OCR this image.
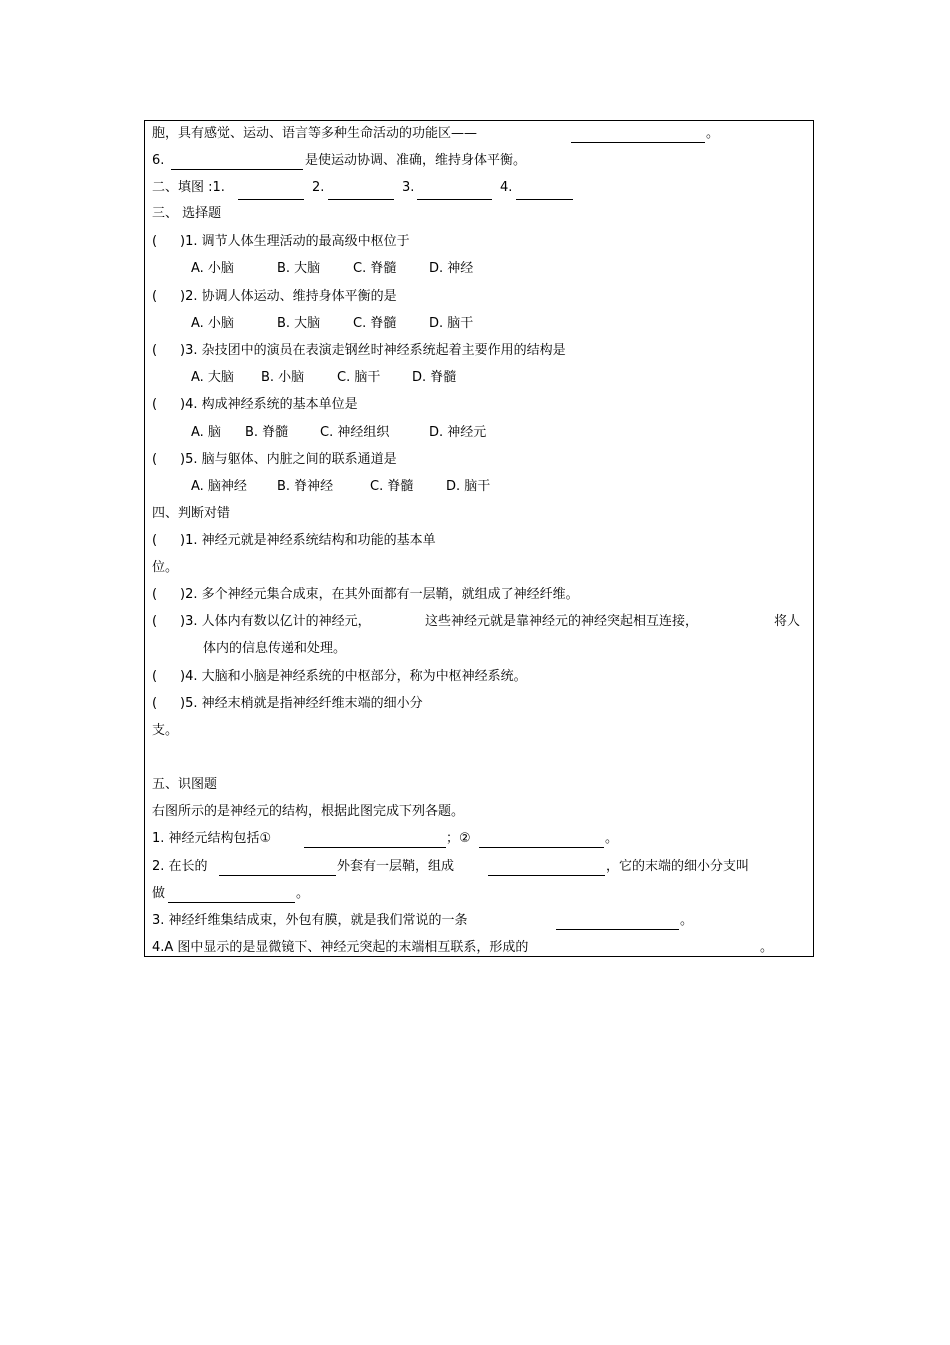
胞，具有感觉、运动、语言等多种生命活动的功能区——	。
6.	是使运动协调、准确，维持身体平衡。
二、填图 :1.	2.	3.	4.
三、 选择题
( )1. 调节人体生理活动的最高级中枢位于
A. 小脑	B. 大脑	C. 脊髓	D. 神经
( )2. 协调人体运动、维持身体平衡的是
A. 小脑	B. 大脑	C. 脊髓	D. 脑干
( )3. 杂技团中的演员在表演走钢丝时神经系统起着主要作用的结构是
A. 大脑 B. 小脑	C. 脑干 D. 脊髓
( )4. 构成神经系统的基本单位是
A. 脑 B. 脊髓 C. 神经组织	D. 神经元
( )5. 脑与躯体、内脏之间的联系通道是
A. 脑神经 B. 脊神经	C. 脊髓	D. 脑干
四、判断对错
( )1. 神经元就是神经系统结构和功能的基本单
位。
( )2. 多个神经元集合成束，在其外面都有一层鞘，就组成了神经纤维。
( )3. 人体内有数以亿计的神经元，	这些神经元就是靠神经元的神经突起相互连接，	将人
体内的信息传递和处理。
( )4. 大脑和小脑是神经系统的中枢部分，称为中枢神经系统。
( )5. 神经末梢就是指神经纤维末端的细小分
支。
五、识图题
右图所示的是神经元的结构，根据此图完成下列各题。
1. 神经元结构包括①	；②	。
2. 在长的	外套有一层鞘，组成	，它的末端的细小分支叫
做	。
3. 神经纤维集结成束，外包有膜，就是我们常说的一条	。
4.A 图中显示的是显微镜下、神经元突起的末端相互联系，形成的	。
